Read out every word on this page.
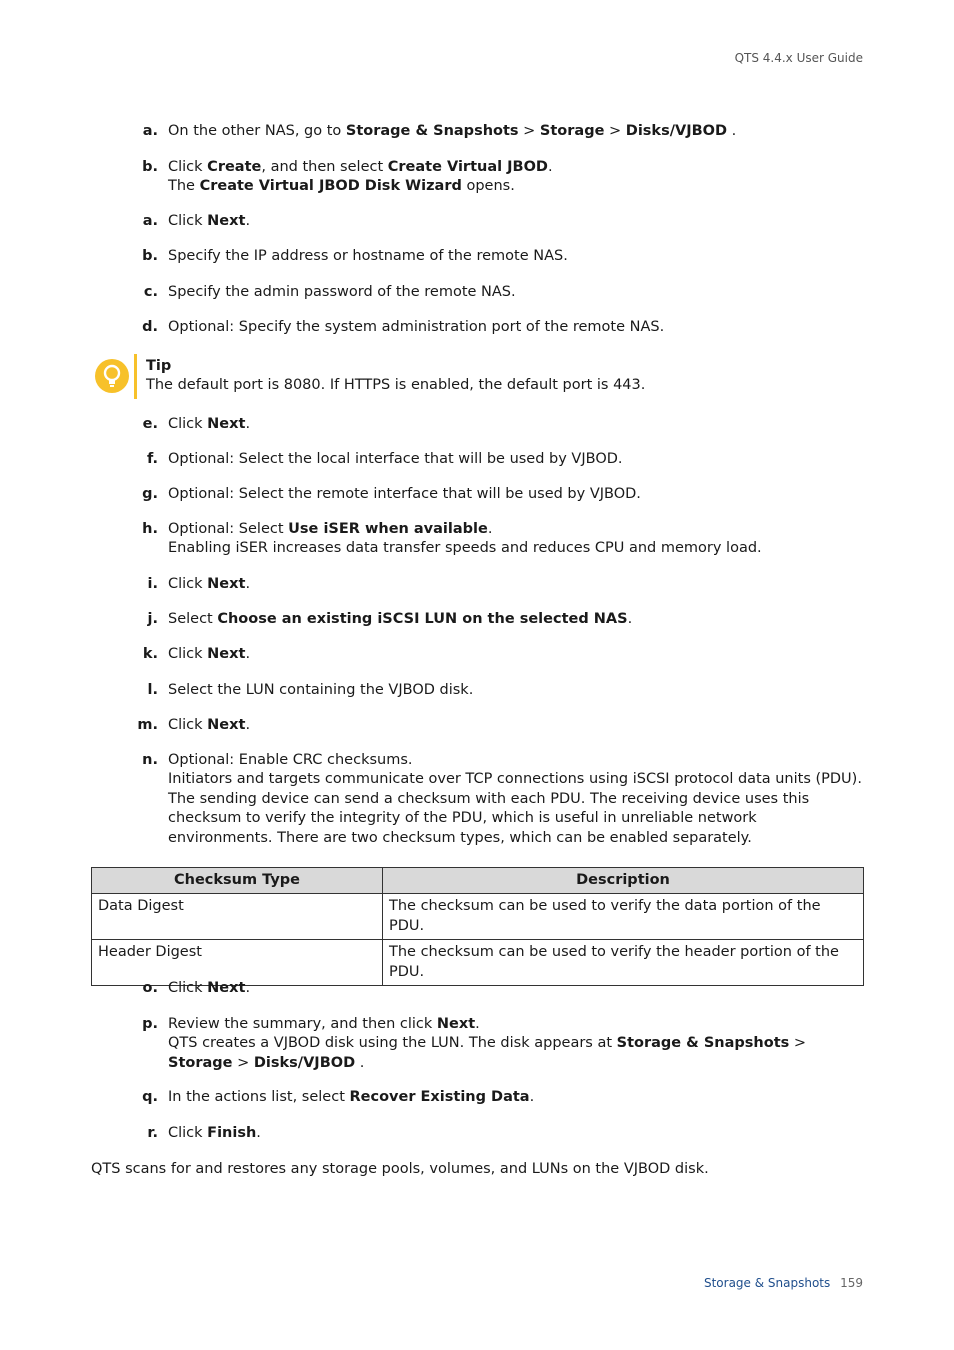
QTS 4.4.x User Guide
a. On the other NAS, go to Storage & Snapshots > Storage > Disks/VJBOD .
b. Click Create, and then select Create Virtual JBOD.
The Create Virtual JBOD Disk Wizard opens.
a. Click Next.
b. Specify the IP address or hostname of the remote NAS.
c. Specify the admin password of the remote NAS.
d. Optional: Specify the system administration port of the remote NAS.
Tip
The default port is 8080. If HTTPS is enabled, the default port is 443.
e. Click Next.
f. Optional: Select the local interface that will be used by VJBOD.
g. Optional: Select the remote interface that will be used by VJBOD.
h. Optional: Select Use iSER when available.
Enabling iSER increases data transfer speeds and reduces CPU and memory load.
i. Click Next.
j. Select Choose an existing iSCSI LUN on the selected NAS.
k. Click Next.
l. Select the LUN containing the VJBOD disk.
m. Click Next.
n. Optional: Enable CRC checksums.
Initiators and targets communicate over TCP connections using iSCSI protocol data units (PDU). The sending device can send a checksum with each PDU. The receiving device uses this checksum to verify the integrity of the PDU, which is useful in unreliable network environments. There are two checksum types, which can be enabled separately.
Checksum Type	Description
Data Digest	The checksum can be used to verify the data portion of the PDU.
Header Digest	The checksum can be used to verify the header portion of the PDU.
o. Click Next.
p. Review the summary, and then click Next.
QTS creates a VJBOD disk using the LUN. The disk appears at Storage & Snapshots > Storage > Disks/VJBOD .
q. In the actions list, select Recover Existing Data.
r. Click Finish.
QTS scans for and restores any storage pools, volumes, and LUNs on the VJBOD disk.
Storage & Snapshots 159
